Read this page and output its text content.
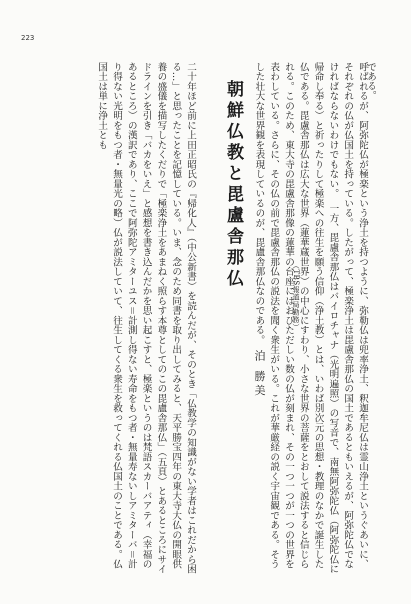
223
である。

呼ばれるが、阿弥陀仏が極楽という浄土を持つように、弥勒仏は兜率浄土、釈迦牟尼仏は霊山浄土というぐあいに、それぞれの仏が仏国土を持っている。したがって、極楽浄土は毘盧舎那仏の国土であるともいえるが、阿弥陀仏でなければならないわけでもない。　一方、毘盧舎那仏はバイロチャナ（光明遍照）の写音で、南無阿弥陀仏（阿弥陀仏に帰命し奉る）と祈ったりして極楽への往生を願う信仰（浄土教）とは、いわば別次元の思想・教理のなかで誕生した仏である。毘盧舎那仏は広大な世界（蓮華蔵世界）の中心にすわり、小さな世界の菩薩をとおして説法すると信じられる。このため、東大寺の毘盧舎那像の蓮華の台座にはおびただしい数の仏が刻まれ、その一つ一つが一つの世界を表わしている。さらに、その仏の前で毘盧舎那仏の説法を聞く衆生がいる。これが華厳経の説く宇宙観である。そうした壮大な世界観を表現しているのが、毘盧舎那仏なのである。

朝鮮仏教と毘盧舎那仏
（TBS報道局勤務）
泊 勝美

二十年ほど前に上田正昭氏の『帰化人』（中公新書）を読んだが、そのとき「仏教学の知識がない学者はこれだから困る…」と思ったことを記憶している。いま、念のため同書を取り出してみると、天平勝宝四年の東大寺大仏の開眼供養の盛儀を描写したくだりで「極楽浄土をあまねく照らす本尊としてのこの毘盧舎那仏」（五頁）とあるところにサイドラインを引き「バカをいえ」と感想を書き込んだかを思い起こすと、極楽というのは梵語スカーバアティ（幸福のあるところ）の漢訳であり、ここで阿弥陀アミターユス＝計測し得ない寿命をもつ者・無量寿ないしアミターバ＝計り得ない光明をもつ者・無量光の略）仏が説法していて、往生してくる衆生を救ってくれる仏国土のことである。仏国土は単に浄土とも
